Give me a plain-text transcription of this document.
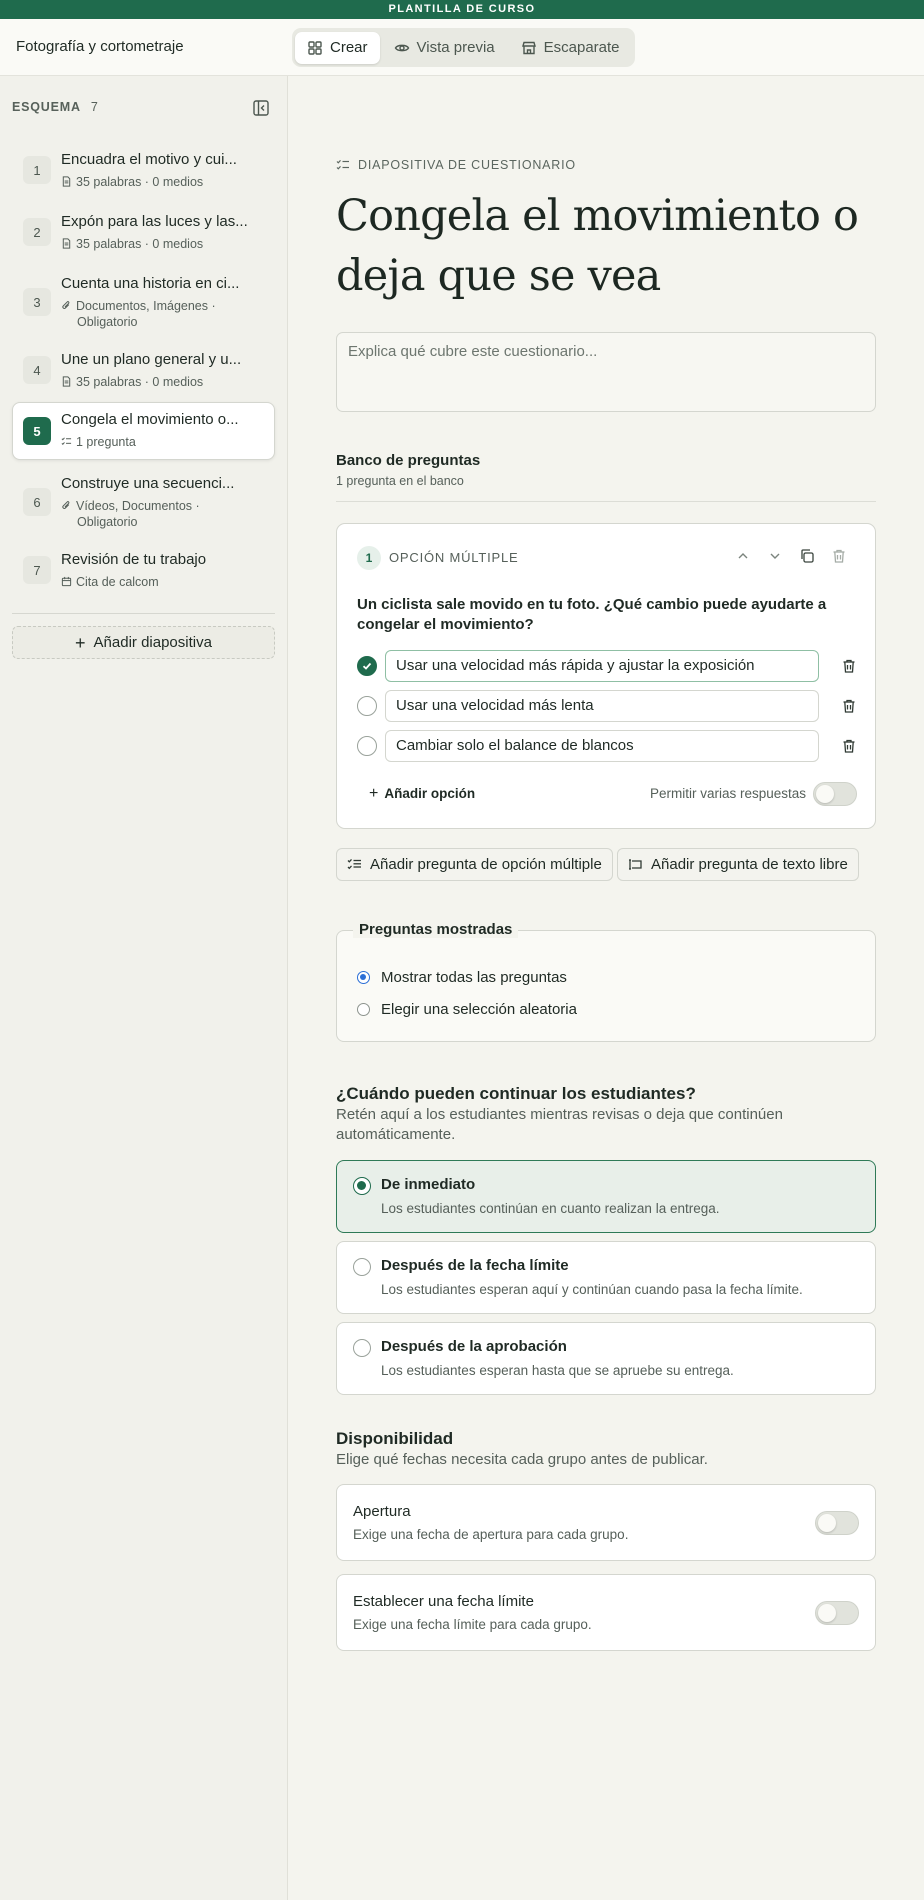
PLANTILLA DE CURSO
Fotografía y cortometraje	Crear	Vista previa	Escaparate
ESQUEMA 7
1
Encuadra el motivo y cui...
35 palabras · 0 medios
2
Expón para las luces y las...
35 palabras · 0 medios
3
Cuenta una historia en ci...
Documentos, Imágenes ·
Obligatorio
4
Une un plano general y u...
35 palabras · 0 medios
5
Congela el movimiento o...
1 pregunta
6
Construye una secuenci...
Vídeos, Documentos ·
Obligatorio
7
Revisión de tu trabajo
Cita de calcom
+ Añadir diapositiva
DIAPOSITIVA DE CUESTIONARIO
Congela el movimiento o
deja que se vea
Explica qué cubre este cuestionario...
Banco de preguntas
1 pregunta en el banco
1	OPCIÓN MÚLTIPLE
Un ciclista sale movido en tu foto. ¿Qué cambio puede ayudarte a congelar el movimiento?
Usar una velocidad más rápida y ajustar la exposición
Usar una velocidad más lenta
Cambiar solo el balance de blancos
+ Añadir opción	Permitir varias respuestas
Añadir pregunta de opción múltiple	Añadir pregunta de texto libre
Preguntas mostradas
Mostrar todas las preguntas
Elegir una selección aleatoria
¿Cuándo pueden continuar los estudiantes?
Retén aquí a los estudiantes mientras revisas o deja que continúen automáticamente.
De inmediato
Los estudiantes continúan en cuanto realizan la entrega.
Después de la fecha límite
Los estudiantes esperan aquí y continúan cuando pasa la fecha límite.
Después de la aprobación
Los estudiantes esperan hasta que se apruebe su entrega.
Disponibilidad
Elige qué fechas necesita cada grupo antes de publicar.
Apertura
Exige una fecha de apertura para cada grupo.
Establecer una fecha límite
Exige una fecha límite para cada grupo.
